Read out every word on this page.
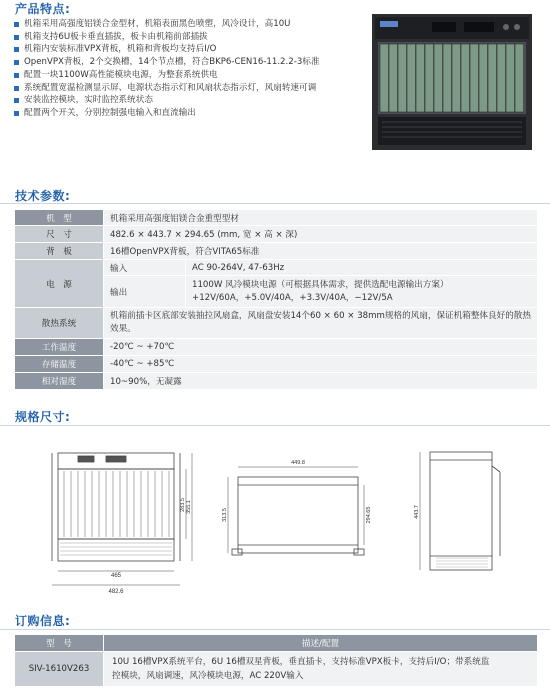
产品特点:
机箱采用高强度铝镁合金型材，机箱表面黑色喷塑，风冷设计，高10U
机箱支持6U板卡垂直插拔，板卡由机箱前部插拔
机箱内安装标准VPX背板，机箱和背板均支持后I/O
OpenVPX背板，2个交换槽，14个节点槽，符合BKP6-CEN16-11.2.2-3标准
配置一块1100W高性能模块电源，为整套系统供电
系统配置宽温检测显示屏、电源状态指示灯和风扇状态指示灯，风扇转速可调
安装监控模块，实时监控系统状态
配置两个开关，分别控制强电输入和直流输出
技术参数:
机　型	机箱采用高强度铝镁合金重型型材	
尺　寸	482.6 × 443.7 × 294.65 (mm, 宽 × 高 × 深)	
背　板	16槽OpenVPX背板，符合VITA65标准	
电　源	输入	AC 90-264V, 47-63Hz
	输出	1100W 风冷模块电源（可根据具体需求，提供选配电源输出方案）
+12V/60A，+5.0V/40A，+3.3V/40A，−12V/5A

散热系统	机箱前插卡区底部安装抽拉风扇盒，风扇盘安装14个60 × 60 × 38mm规格的风扇，保证机箱整体良好的散热效果。	
工作温度	-20℃ ~ +70℃	
存储温度	-40℃ ~ +85℃	
相对湿度	10~90%，无凝露	
规格尺寸:
465
482.6
283.5 355.1
449.8
313.5	294.65	443.7
订购信息:
型　号	描述/配置
SIV-1610V263	10U 16槽VPX系统平台，6U 16槽双星背板，垂直插卡，支持标准VPX板卡，支持后I/O；带系统监
控模块，风扇调速，风冷模块电源，AC 220V输入
